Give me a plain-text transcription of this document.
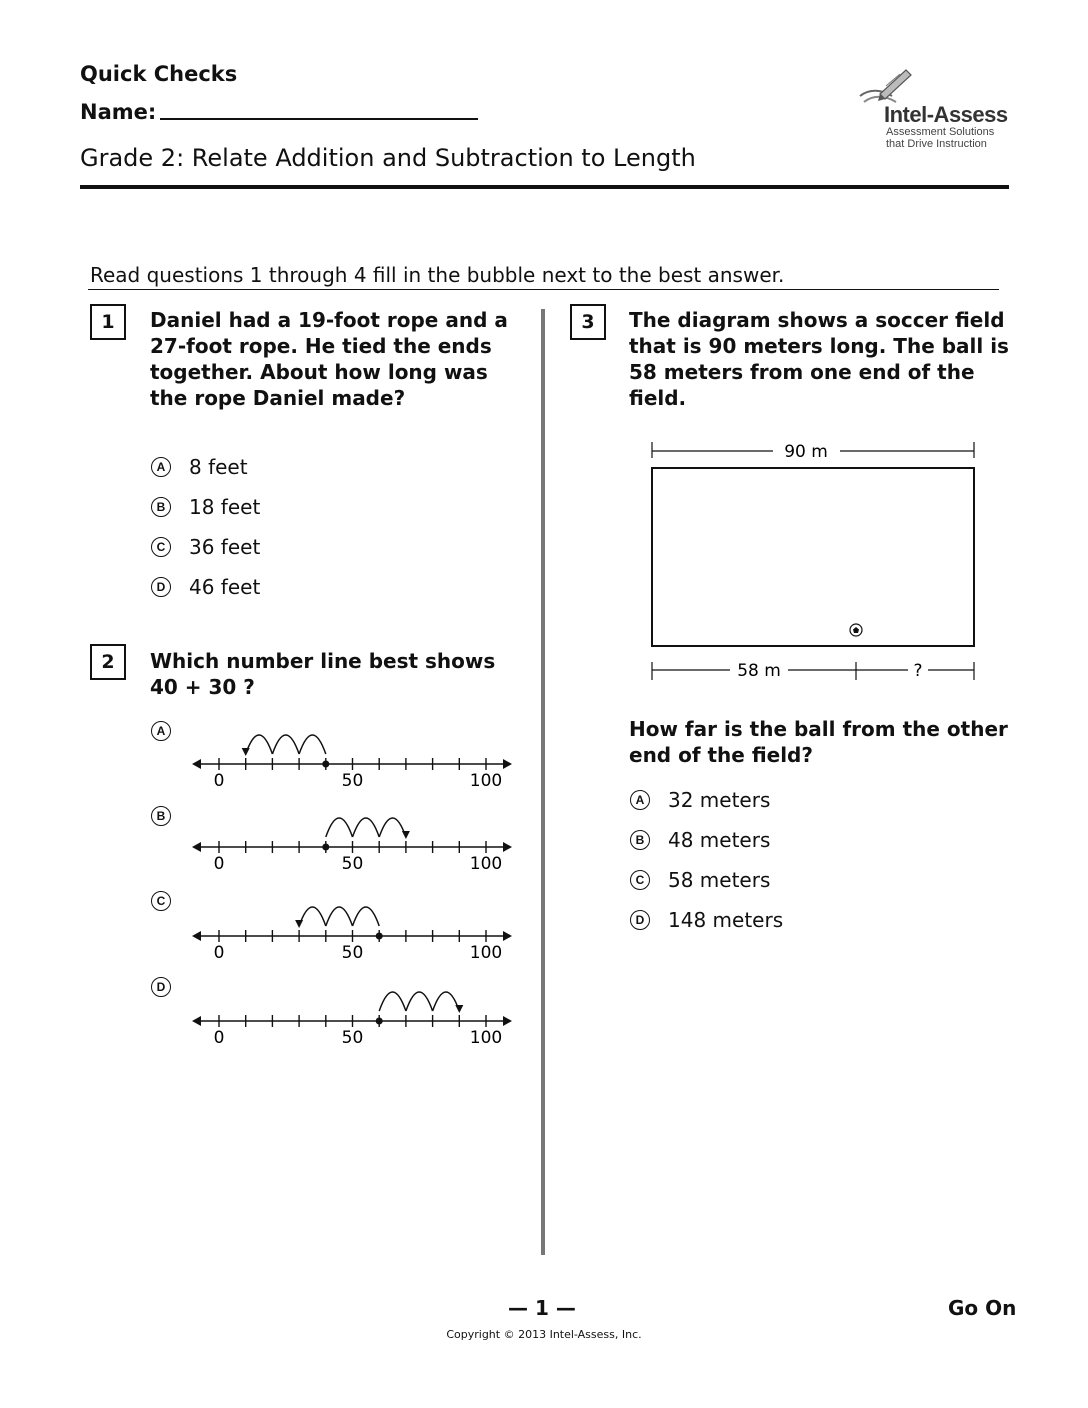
Quick Checks
Name:
Grade 2: Relate Addition and Subtraction to Length
Intel-Assess
Assessment Solutions
that Drive Instruction
Read questions 1 through 4 fill in the bubble next to the best answer.
1	Daniel had a 19-foot rope and a 27-foot rope. He tied the ends together. About how long was the rope Daniel made?
A 8 feet
B 18 feet
C 36 feet
D 46 feet
2	Which number line best shows 40 + 30 ?
A
0	50	100
B
0	50	100
C
0	50	100
D
0	50	100
3	The diagram shows a soccer field that is 90 meters long. The ball is 58 meters from one end of the field.
90 m
58 m	?
How far is the ball from the other end of the field?
A 32 meters
B 48 meters
C 58 meters
D 148 meters
— 1 —	Go On
Copyright © 2013 Intel-Assess, Inc.
